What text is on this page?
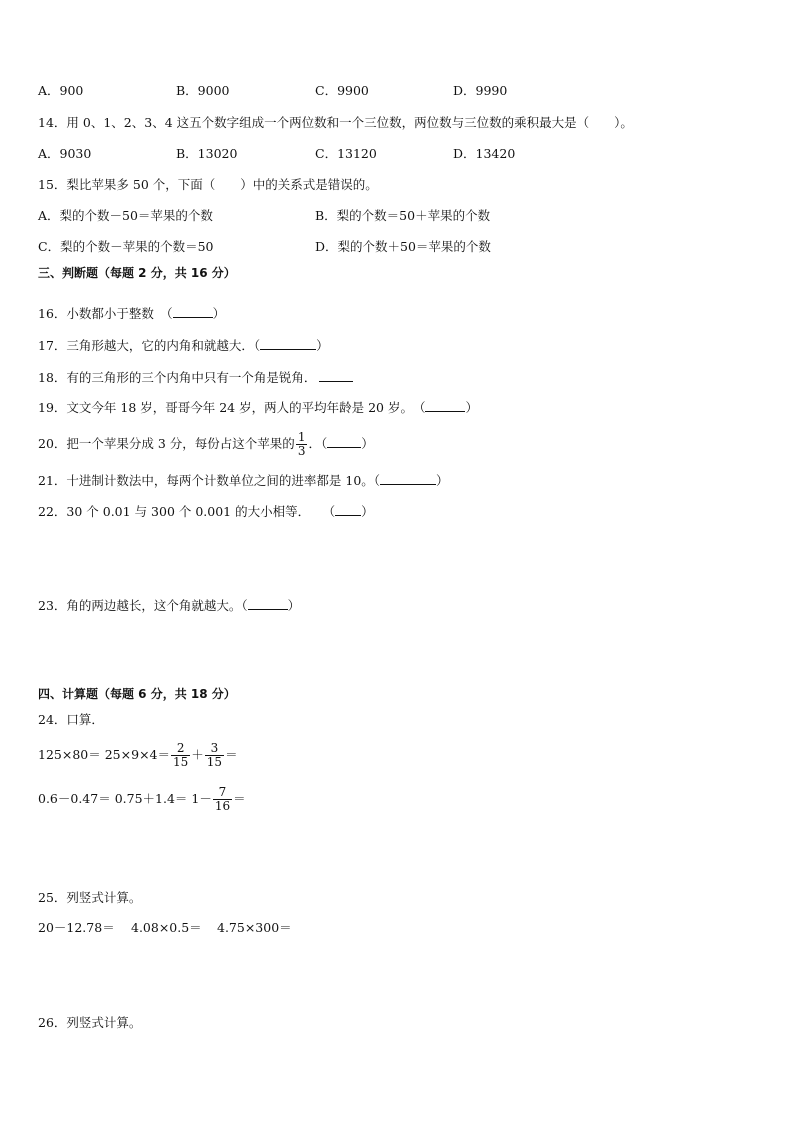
A．900	B．9000	C．9900	D．9990
14．用 0、1、2、3、4 这五个数字组成一个两位数和一个三位数，两位数与三位数的乘积最大是（　　）。
A．9030	B．13020	C．13120	D．13420
15．梨比苹果多 50 个，下面（　　）中的关系式是错误的。
A．梨的个数－50＝苹果的个数	B．梨的个数＝50＋苹果的个数
C．梨的个数－苹果的个数＝50	D．梨的个数＋50＝苹果的个数
三、判断题（每题 2 分，共 16 分）
16．小数都小于整数　（	）
17．三角形越大，它的内角和就越大．（	）
18．有的三角形的三个内角中只有一个角是锐角．
19．文文今年 18 岁，哥哥今年 24 岁，两人的平均年龄是 20 岁。　（	）
20．把一个苹果分成 3 分，每份占这个苹果的 $\frac{1}{3}$ ．（	）
21．十进制计数法中，每两个计数单位之间的进率都是 10。（	）
22．30 个 0.01 与 300 个 0.001 的大小相等．　　（ ）
23．角的两边越长，这个角就越大。（	）
四、计算题（每题 6 分，共 18 分）
24．口算．
$125\times 80= 25\times 9\times 4= \frac{2}{15} + \frac{3}{15}$ ＝
$0.6-0.47= 0.75+1.4= 1- \frac{7}{16}$ ＝
25．列竖式计算。
20－12.78＝ 4.08×0.5＝ 4.75×300＝
26．列竖式计算。
